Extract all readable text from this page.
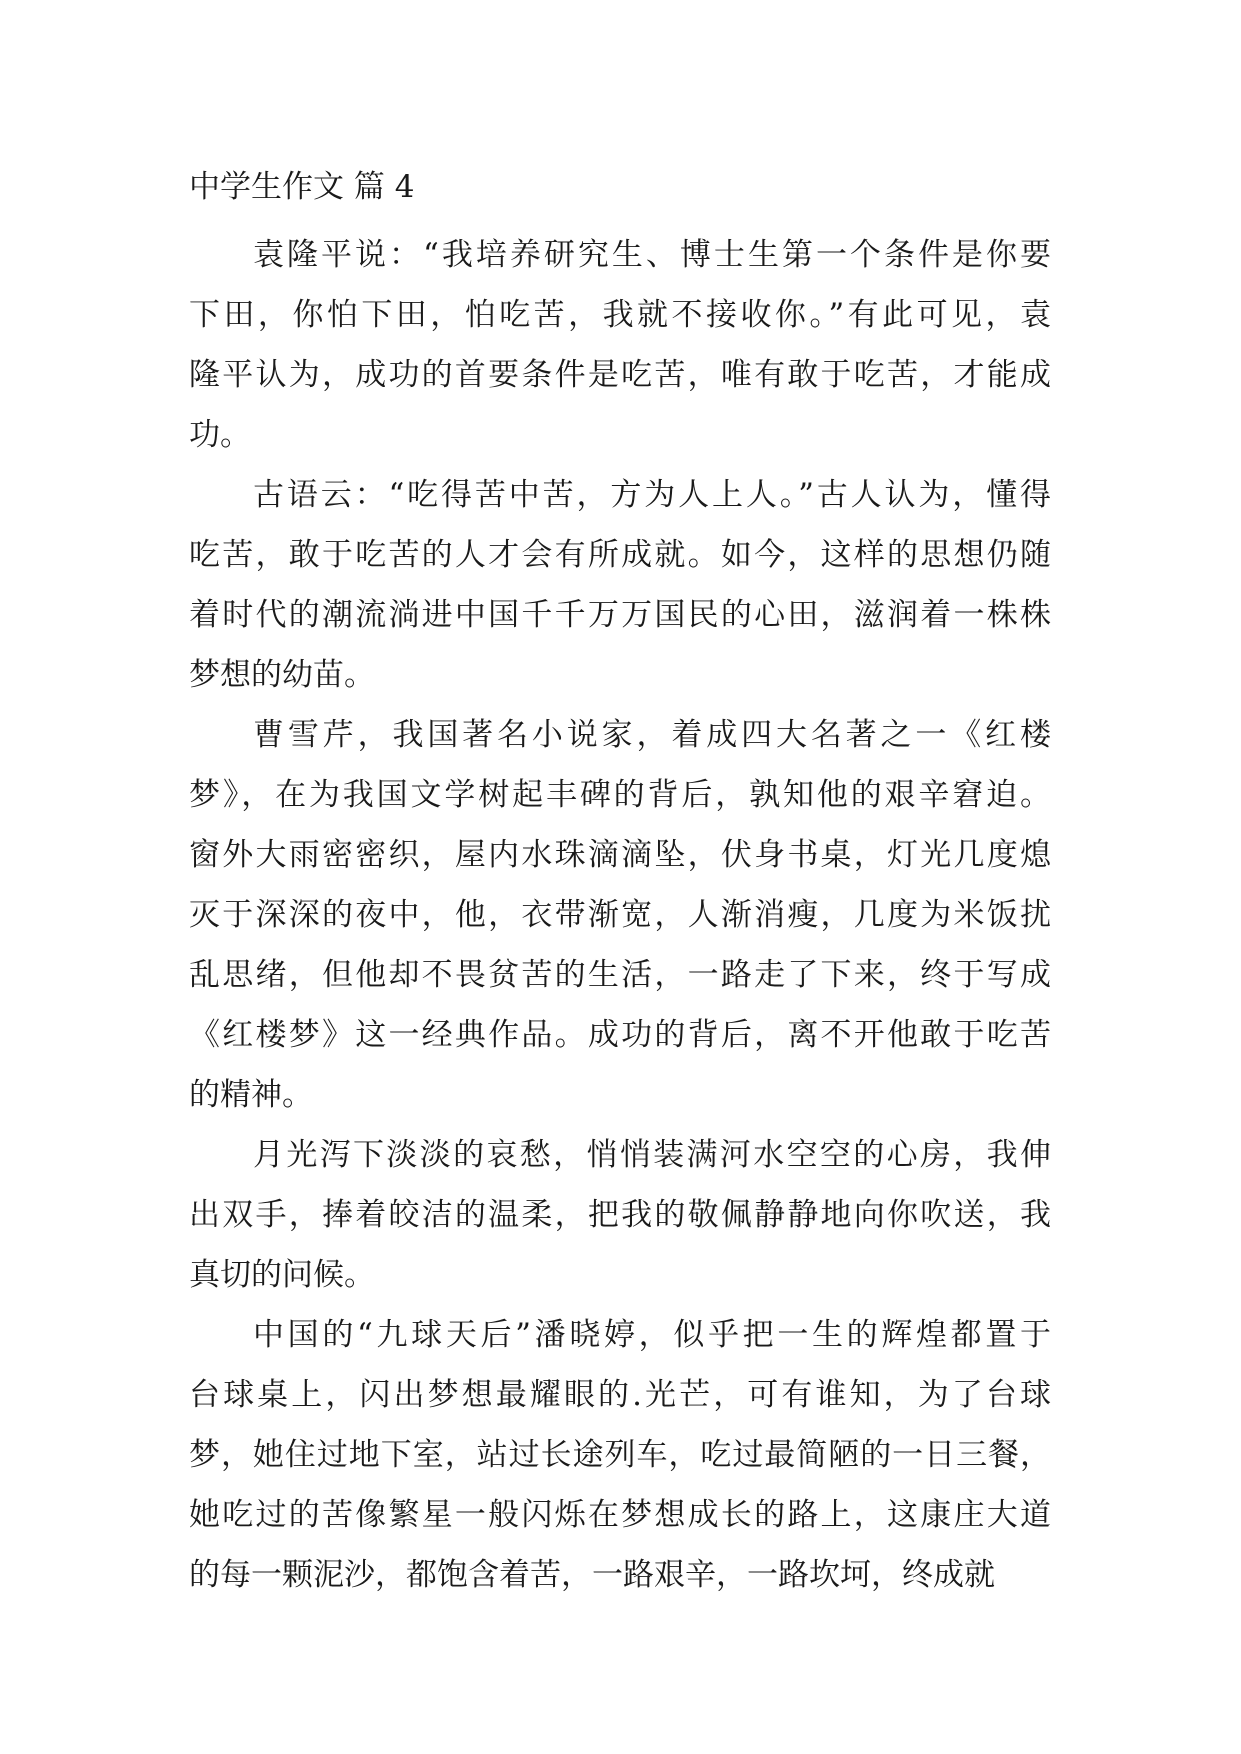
中学生作文 篇 4
袁隆平说：“我培养研究生、博士生第一个条件是你要
下田，你怕下田，怕吃苦，我就不接收你。”有此可见，袁
隆平认为，成功的首要条件是吃苦，唯有敢于吃苦，才能成
功。
古语云：“吃得苦中苦，方为人上人。”古人认为，懂得
吃苦，敢于吃苦的人才会有所成就。如今，这样的思想仍随
着时代的潮流淌进中国千千万万国民的心田，滋润着一株株
梦想的幼苗。
曹雪芹，我国著名小说家，着成四大名著之一《红楼
梦》，在为我国文学树起丰碑的背后，孰知他的艰辛窘迫。
窗外大雨密密织，屋内水珠滴滴坠，伏身书桌，灯光几度熄
灭于深深的夜中，他，衣带渐宽，人渐消瘦，几度为米饭扰
乱思绪，但他却不畏贫苦的生活，一路走了下来，终于写成
《红楼梦》这一经典作品。成功的背后，离不开他敢于吃苦
的精神。
月光泻下淡淡的哀愁，悄悄装满河水空空的心房，我伸
出双手，捧着皎洁的温柔，把我的敬佩静静地向你吹送，我
真切的问候。
中国的“九球天后”潘晓婷，似乎把一生的辉煌都置于
台球桌上，闪出梦想最耀眼的.光芒，可有谁知，为了台球
梦，她住过地下室，站过长途列车，吃过最简陋的一日三餐，
她吃过的苦像繁星一般闪烁在梦想成长的路上，这康庄大道
的每一颗泥沙，都饱含着苦，一路艰辛，一路坎坷，终成就
